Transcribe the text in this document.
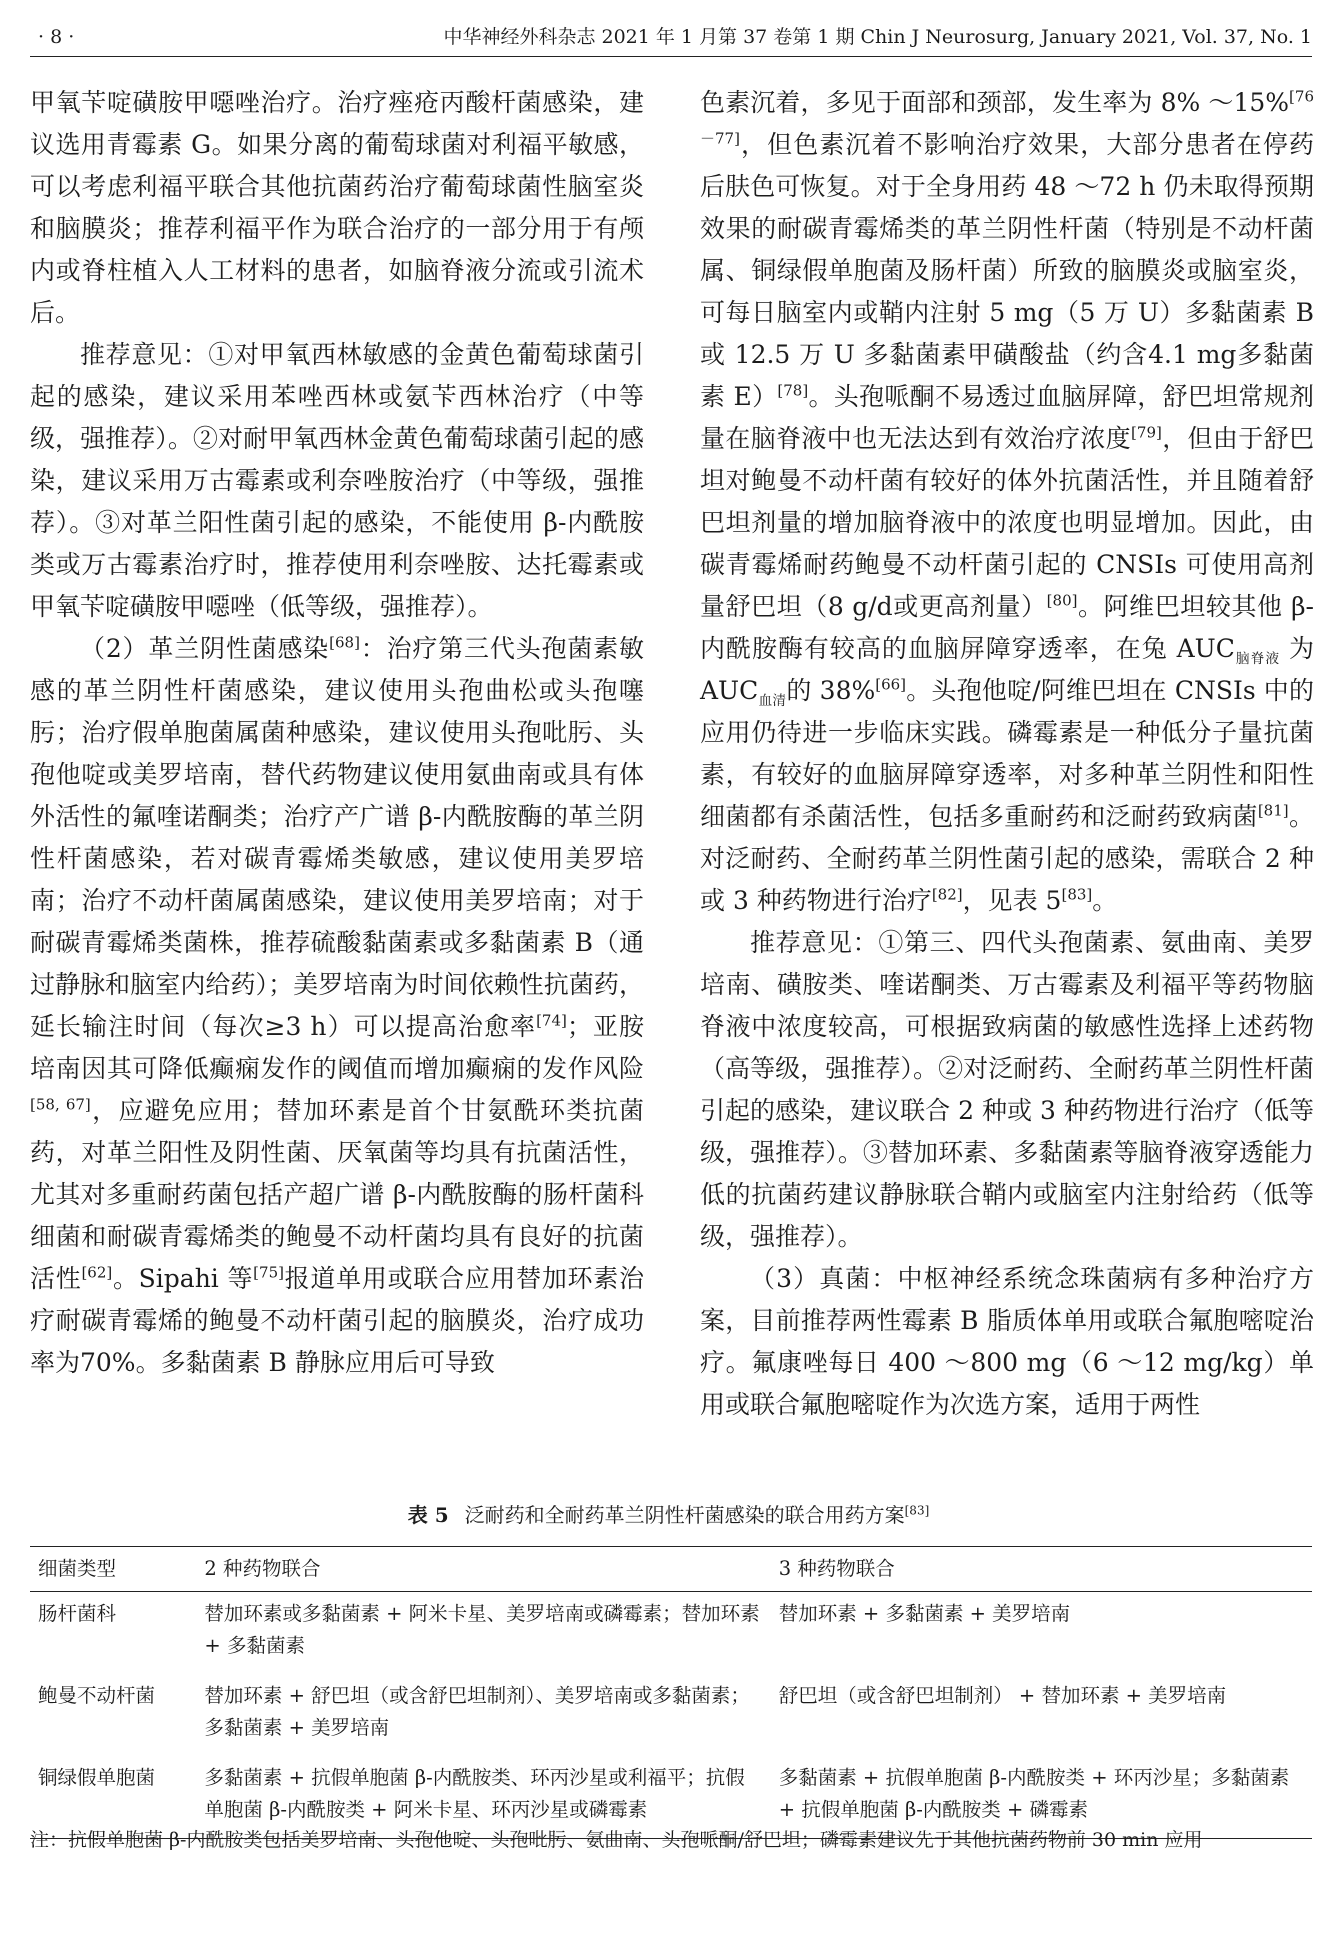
· 8 ·	中华神经外科杂志 2021 年 1 月第 37 卷第 1 期 Chin J Neurosurg, January 2021, Vol. 37, No. 1

甲氧苄啶磺胺甲噁唑治疗。治疗痤疮丙酸杆菌感染，建议选用青霉素 G。如果分离的葡萄球菌对利福平敏感，可以考虑利福平联合其他抗菌药治疗葡萄球菌性脑室炎和脑膜炎；推荐利福平作为联合治疗的一部分用于有颅内或脊柱植入人工材料的患者，如脑脊液分流或引流术后。

推荐意见：①对甲氧西林敏感的金黄色葡萄球菌引起的感染，建议采用苯唑西林或氨苄西林治疗（中等级，强推荐）。②对耐甲氧西林金黄色葡萄球菌引起的感染，建议采用万古霉素或利奈唑胺治疗（中等级，强推荐）。③对革兰阳性菌引起的感染，不能使用 β-内酰胺类或万古霉素治疗时，推荐使用利奈唑胺、达托霉素或甲氧苄啶磺胺甲噁唑（低等级，强推荐）。

（2）革兰阴性菌感染[68]：治疗第三代头孢菌素敏感的革兰阴性杆菌感染，建议使用头孢曲松或头孢噻肟；治疗假单胞菌属菌种感染，建议使用头孢吡肟、头孢他啶或美罗培南，替代药物建议使用氨曲南或具有体外活性的氟喹诺酮类；治疗产广谱 β-内酰胺酶的革兰阴性杆菌感染，若对碳青霉烯类敏感，建议使用美罗培南；治疗不动杆菌属菌感染，建议使用美罗培南；对于耐碳青霉烯类菌株，推荐硫酸黏菌素或多黏菌素 B（通过静脉和脑室内给药）；美罗培南为时间依赖性抗菌药，延长输注时间（每次≥3 h）可以提高治愈率[74]；亚胺培南因其可降低癫痫发作的阈值而增加癫痫的发作风险[58, 67]，应避免应用；替加环素是首个甘氨酰环类抗菌药，对革兰阳性及阴性菌、厌氧菌等均具有抗菌活性，尤其对多重耐药菌包括产超广谱 β-内酰胺酶的肠杆菌科细菌和耐碳青霉烯类的鲍曼不动杆菌均具有良好的抗菌活性[62]。Sipahi 等[75]报道单用或联合应用替加环素治疗耐碳青霉烯的鲍曼不动杆菌引起的脑膜炎，治疗成功率为70%。多黏菌素 B 静脉应用后可导致

色素沉着，多见于面部和颈部，发生率为 8% ～15%[76－77]，但色素沉着不影响治疗效果，大部分患者在停药后肤色可恢复。对于全身用药 48 ～72 h 仍未取得预期效果的耐碳青霉烯类的革兰阴性杆菌（特别是不动杆菌属、铜绿假单胞菌及肠杆菌）所致的脑膜炎或脑室炎，可每日脑室内或鞘内注射 5 mg（5 万 U）多黏菌素 B 或 12.5 万 U 多黏菌素甲磺酸盐（约含4.1 mg多黏菌素 E）[78]。头孢哌酮不易透过血脑屏障，舒巴坦常规剂量在脑脊液中也无法达到有效治疗浓度[79]，但由于舒巴坦对鲍曼不动杆菌有较好的体外抗菌活性，并且随着舒巴坦剂量的增加脑脊液中的浓度也明显增加。因此，由碳青霉烯耐药鲍曼不动杆菌引起的 CNSIs 可使用高剂量舒巴坦（8 g/d或更高剂量）[80]。阿维巴坦较其他 β-内酰胺酶有较高的血脑屏障穿透率，在兔 $AUC_{脑脊液}$ 为 $AUC_{血清}$的 38%[66]。头孢他啶/阿维巴坦在 CNSIs 中的应用仍待进一步临床实践。磷霉素是一种低分子量抗菌素，有较好的血脑屏障穿透率，对多种革兰阴性和阳性细菌都有杀菌活性，包括多重耐药和泛耐药致病菌[81]。对泛耐药、全耐药革兰阴性菌引起的感染，需联合 2 种或 3 种药物进行治疗[82]，见表 5[83]。

推荐意见：①第三、四代头孢菌素、氨曲南、美罗培南、磺胺类、喹诺酮类、万古霉素及利福平等药物脑脊液中浓度较高，可根据致病菌的敏感性选择上述药物（高等级，强推荐）。②对泛耐药、全耐药革兰阴性杆菌引起的感染，建议联合 2 种或 3 种药物进行治疗（低等级，强推荐）。③替加环素、多黏菌素等脑脊液穿透能力低的抗菌药建议静脉联合鞘内或脑室内注射给药（低等级，强推荐）。

（3）真菌：中枢神经系统念珠菌病有多种治疗方案，目前推荐两性霉素 B 脂质体单用或联合氟胞嘧啶治疗。氟康唑每日 400 ～800 mg（6 ～12 mg/kg）单用或联合氟胞嘧啶作为次选方案，适用于两性

表 5 泛耐药和全耐药革兰阴性杆菌感染的联合用药方案[83]
细菌类型	2 种药物联合	3 种药物联合
肠杆菌科	替加环素或多黏菌素 + 阿米卡星、美罗培南或磷霉素；替加环素 + 多黏菌素	替加环素 + 多黏菌素 + 美罗培南
鲍曼不动杆菌	替加环素 + 舒巴坦（或含舒巴坦制剂）、美罗培南或多黏菌素；多黏菌素 + 美罗培南	舒巴坦（或含舒巴坦制剂） + 替加环素 + 美罗培南
铜绿假单胞菌	多黏菌素 + 抗假单胞菌 β-内酰胺类、环丙沙星或利福平；抗假单胞菌 β-内酰胺类 + 阿米卡星、环丙沙星或磷霉素	多黏菌素 + 抗假单胞菌 β-内酰胺类 + 环丙沙星；多黏菌素 + 抗假单胞菌 β-内酰胺类 + 磷霉素
注：抗假单胞菌 β-内酰胺类包括美罗培南、头孢他啶、头孢吡肟、氨曲南、头孢哌酮/舒巴坦；磷霉素建议先于其他抗菌药物前 30 min 应用
